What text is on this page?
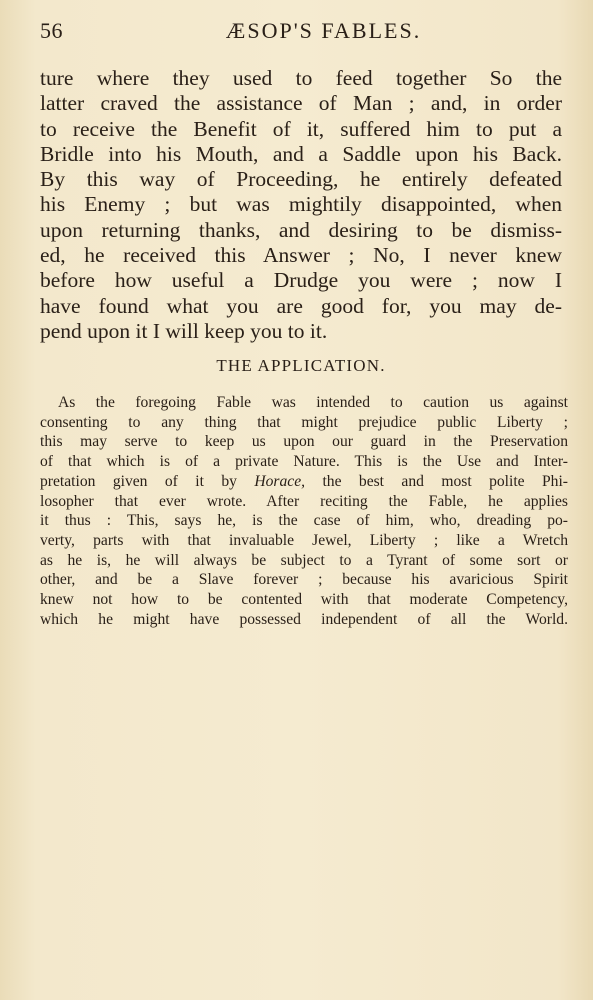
56	ÆSOP'S FABLES.
ture where they used to feed together So the
latter craved the assistance of Man ; and, in order
to receive the Benefit of it, suffered him to put a
Bridle into his Mouth, and a Saddle upon his Back.
By this way of Proceeding, he entirely defeated
his Enemy ; but was mightily disappointed, when
upon returning thanks, and desiring to be dismiss-
ed, he received this Answer ; No, I never knew
before how useful a Drudge you were ; now I
have found what you are good for, you may de-
pend upon it I will keep you to it.
THE APPLICATION.
As the foregoing Fable was intended to caution us against
consenting to any thing that might prejudice public Liberty ;
this may serve to keep us upon our guard in the Preservation
of that which is of a private Nature. This is the Use and Inter-
pretation given of it by Horace, the best and most polite Phi-
losopher that ever wrote. After reciting the Fable, he applies
it thus : This, says he, is the case of him, who, dreading po-
verty, parts with that invaluable Jewel, Liberty ; like a Wretch
as he is, he will always be subject to a Tyrant of some sort or
other, and be a Slave forever ; because his avaricious Spirit
knew not how to be contented with that moderate Competency,
which he might have possessed independent of all the World.
